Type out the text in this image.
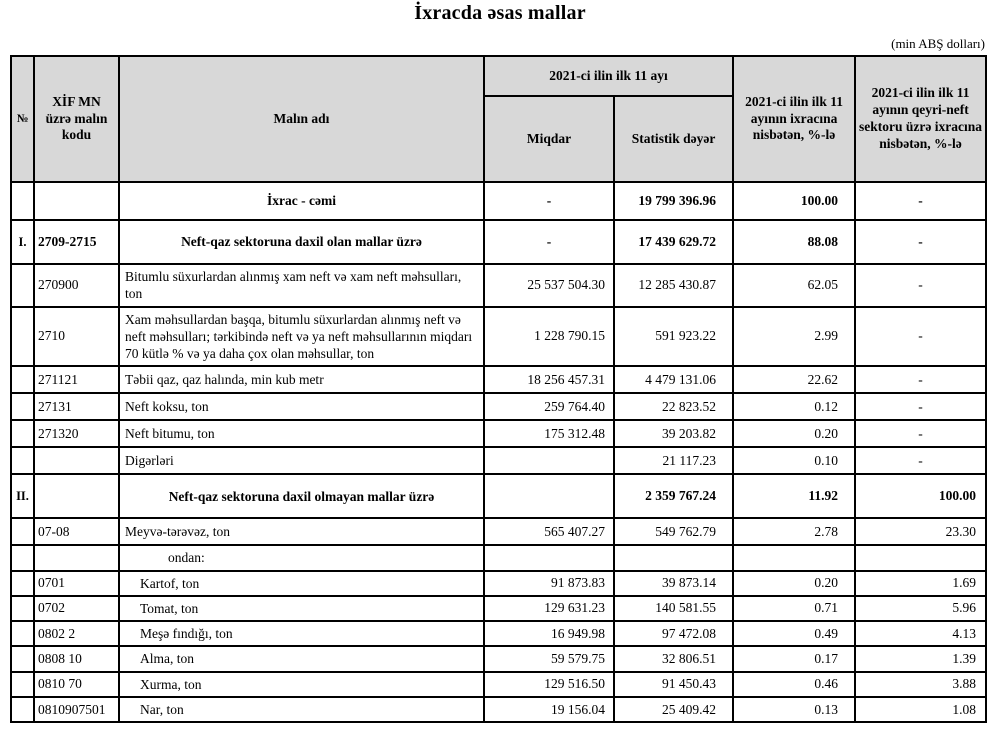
İxracda əsas mallar
(min ABŞ dolları)
№	XİF MN üzrə malın kodu	Malın adı	2021-ci ilin ilk 11 ayı		2021-ci ilin ilk 11 ayının ixracına nisbətən, %-lə	2021-ci ilin ilk 11 ayının qeyri-neft sektoru üzrə ixracına nisbətən, %-lə
			Miqdar	Statistik dəyər		
		İxrac - cəmi	-	19 799 396.96	100.00	-
I.	2709-2715	Neft-qaz sektoruna daxil olan mallar üzrə	-	17 439 629.72	88.08	-
	270900	Bitumlu süxurlardan alınmış xam neft və xam neft məhsulları, ton	25 537 504.30	12 285 430.87	62.05	-
	2710	Xam məhsullardan başqa, bitumlu süxurlardan alınmış neft və neft məhsulları; tərkibində neft və ya neft məhsullarının miqdarı 70 kütlə % və ya daha çox olan məhsullar, ton	1 228 790.15	591 923.22	2.99	-
	271121	Təbii qaz, qaz halında, min kub metr	18 256 457.31	4 479 131.06	22.62	-
	27131	Neft koksu, ton	259 764.40	22 823.52	0.12	-
	271320	Neft bitumu, ton	175 312.48	39 203.82	0.20	-
		Digərləri		21 117.23	0.10	-
II.		Neft-qaz sektoruna daxil olmayan mallar üzrə		2 359 767.24	11.92	100.00
	07-08	Meyvə-tərəvəz, ton	565 407.27	549 762.79	2.78	23.30
		ondan:				
	0701	Kartof, ton	91 873.83	39 873.14	0.20	1.69
	0702	Tomat, ton	129 631.23	140 581.55	0.71	5.96
	0802 2	Meşə fındığı, ton	16 949.98	97 472.08	0.49	4.13
	0808 10	Alma, ton	59 579.75	32 806.51	0.17	1.39
	0810 70	Xurma, ton	129 516.50	91 450.43	0.46	3.88
	0810907501	Nar, ton	19 156.04	25 409.42	0.13	1.08
